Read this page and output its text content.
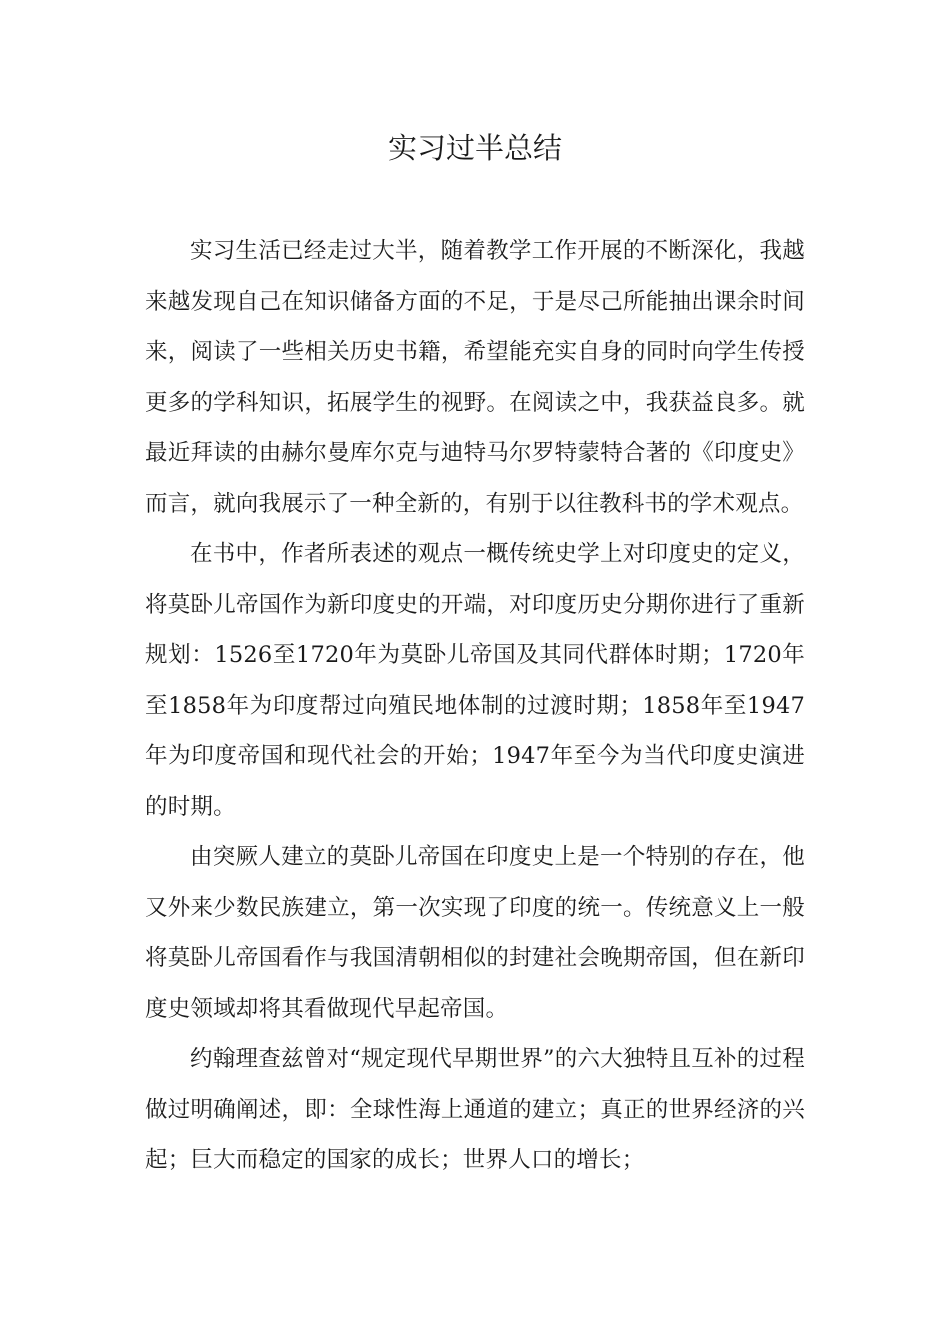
实习过半总结

实习生活已经走过大半，随着教学工作开展的不断深化，我越来越发现自己在知识储备方面的不足，于是尽己所能抽出课余时间来，阅读了一些相关历史书籍，希望能充实自身的同时向学生传授更多的学科知识，拓展学生的视野。在阅读之中，我获益良多。就最近拜读的由赫尔曼库尔克与迪特马尔罗特蒙特合著的《印度史》而言，就向我展示了一种全新的，有别于以往教科书的学术观点。

在书中，作者所表述的观点一概传统史学上对印度史的定义，将莫卧儿帝国作为新印度史的开端，对印度历史分期你进行了重新规划：1526至1720年为莫卧儿帝国及其同代群体时期；1720年至1858年为印度帮过向殖民地体制的过渡时期；1858年至1947年为印度帝国和现代社会的开始；1947年至今为当代印度史演进的时期。

由突厥人建立的莫卧儿帝国在印度史上是一个特别的存在，他又外来少数民族建立，第一次实现了印度的统一。传统意义上一般将莫卧儿帝国看作与我国清朝相似的封建社会晚期帝国，但在新印度史领域却将其看做现代早起帝国。

约翰理查兹曾对“规定现代早期世界”的六大独特且互补的过程做过明确阐述，即：全球性海上通道的建立；真正的世界经济的兴起；巨大而稳定的国家的成长；世界人口的增长；
